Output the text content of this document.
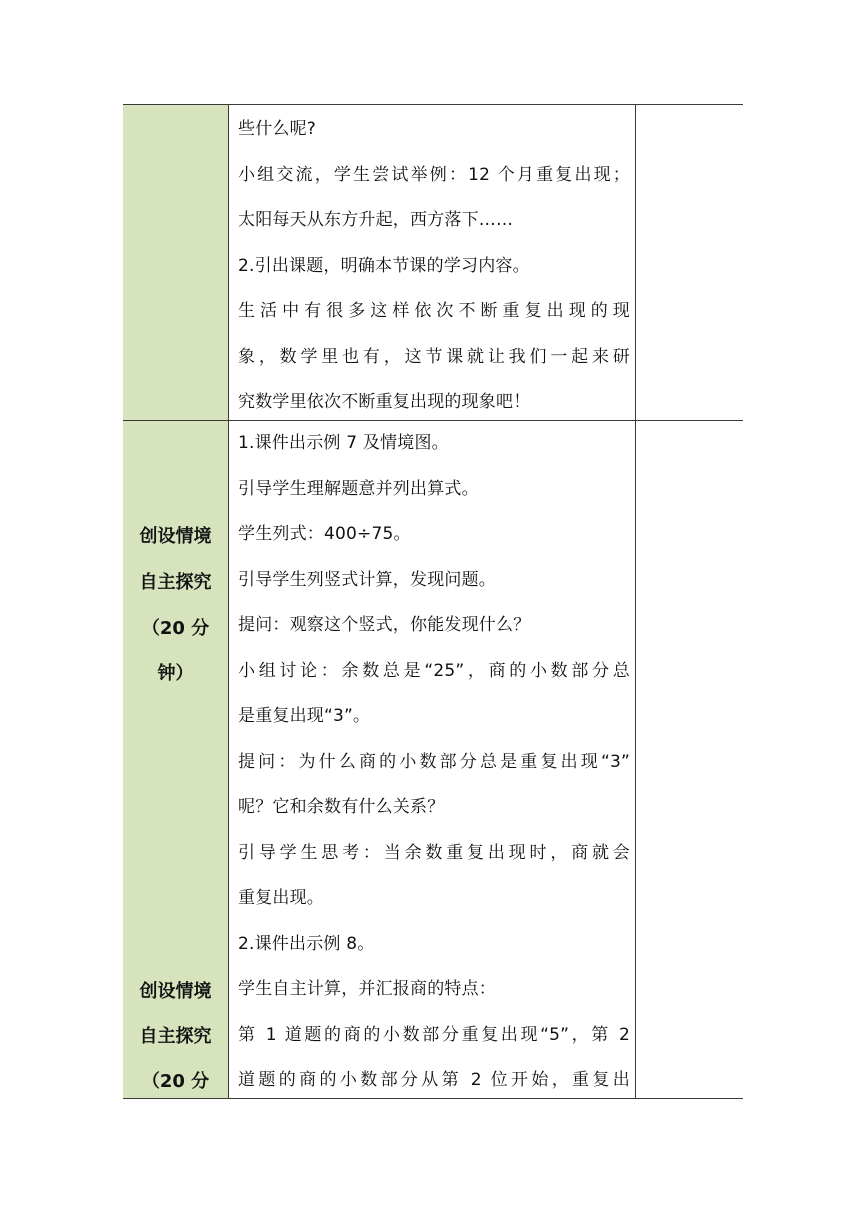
些什么呢?
小组交流，学生尝试举例：12 个月重复出现；
太阳每天从东方升起，西方落下……
2.引出课题，明确本节课的学习内容。
生活中有很多这样依次不断重复出现的现
象，数学里也有，这节课就让我们一起来研
究数学里依次不断重复出现的现象吧！
创设情境
自主探究
（20 分
钟）
创设情境
自主探究
（20 分
1.课件出示例 7 及情境图。
引导学生理解题意并列出算式。
学生列式：400÷75。
引导学生列竖式计算，发现问题。
提问：观察这个竖式，你能发现什么？
小组讨论：余数总是“25”，商的小数部分总
是重复出现“3”。
提问：为什么商的小数部分总是重复出现“3”
呢？它和余数有什么关系？
引导学生思考：当余数重复出现时，商就会
重复出现。
2.课件出示例 8。
学生自主计算，并汇报商的特点：
第 1 道题的商的小数部分重复出现“5”，第 2
道题的商的小数部分从第 2 位开始，重复出
